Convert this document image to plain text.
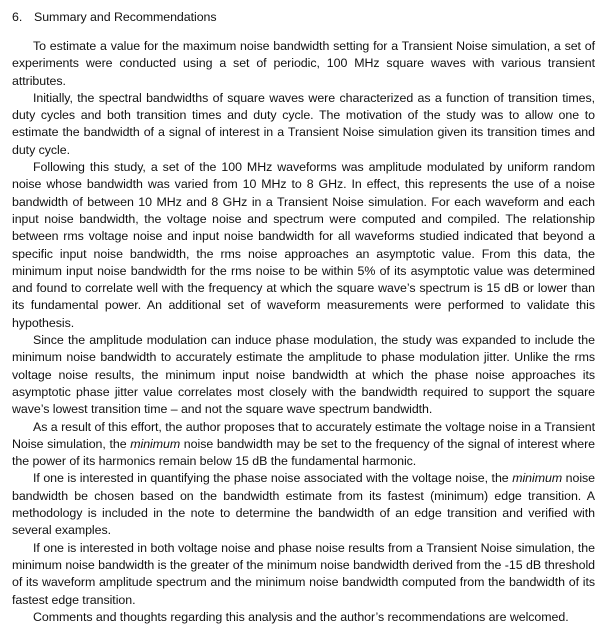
6. Summary and Recommendations

To estimate a value for the maximum noise bandwidth setting for a Transient Noise simulation, a set of experiments were conducted using a set of periodic, 100 MHz square waves with various transient attributes.

Initially, the spectral bandwidths of square waves were characterized as a function of transition times, duty cycles and both transition times and duty cycle. The motivation of the study was to allow one to estimate the bandwidth of a signal of interest in a Transient Noise simulation given its transition times and duty cycle.

Following this study, a set of the 100 MHz waveforms was amplitude modulated by uniform random noise whose bandwidth was varied from 10 MHz to 8 GHz. In effect, this represents the use of a noise bandwidth of between 10 MHz and 8 GHz in a Transient Noise simulation. For each waveform and each input noise bandwidth, the voltage noise and spectrum were computed and compiled. The relationship between rms voltage noise and input noise bandwidth for all waveforms studied indicated that beyond a specific input noise bandwidth, the rms noise approaches an asymptotic value. From this data, the minimum input noise bandwidth for the rms noise to be within 5% of its asymptotic value was determined and found to correlate well with the frequency at which the square wave’s spectrum is 15 dB or lower than its fundamental power. An additional set of waveform measurements were performed to validate this hypothesis.

Since the amplitude modulation can induce phase modulation, the study was expanded to include the minimum noise bandwidth to accurately estimate the amplitude to phase modulation jitter. Unlike the rms voltage noise results, the minimum input noise bandwidth at which the phase noise approaches its asymptotic phase jitter value correlates most closely with the bandwidth required to support the square wave’s lowest transition time – and not the square wave spectrum bandwidth.

As a result of this effort, the author proposes that to accurately estimate the voltage noise in a Transient Noise simulation, the minimum noise bandwidth may be set to the frequency of the signal of interest where the power of its harmonics remain below 15 dB the fundamental harmonic.

If one is interested in quantifying the phase noise associated with the voltage noise, the minimum noise bandwidth be chosen based on the bandwidth estimate from its fastest (minimum) edge transition. A methodology is included in the note to determine the bandwidth of an edge transition and verified with several examples.

If one is interested in both voltage noise and phase noise results from a Transient Noise simulation, the minimum noise bandwidth is the greater of the minimum noise bandwidth derived from the -15 dB threshold of its waveform amplitude spectrum and the minimum noise bandwidth computed from the bandwidth of its fastest edge transition.

Comments and thoughts regarding this analysis and the author’s recommendations are welcomed.
